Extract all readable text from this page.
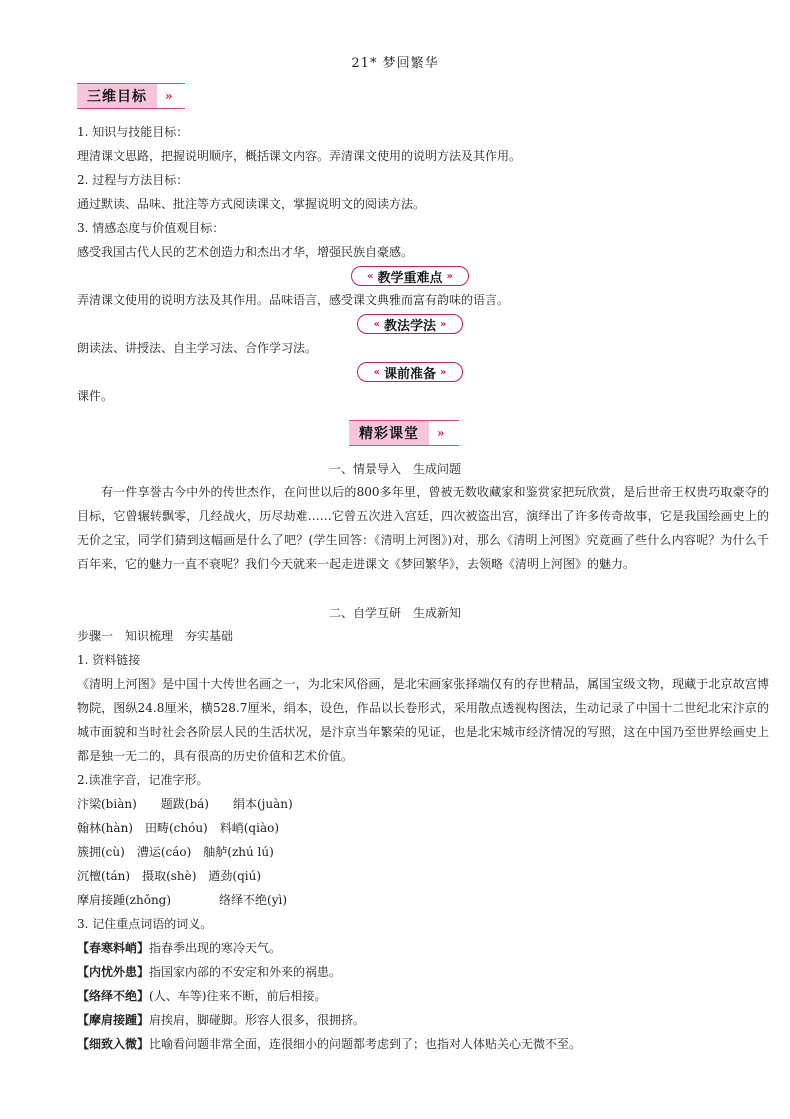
21* 梦回繁华
三维目标	»
1. 知识与技能目标：
理清课文思路，把握说明顺序，概括课文内容。弄清课文使用的说明方法及其作用。
2. 过程与方法目标：
通过默读、品味、批注等方式阅读课文，掌握说明文的阅读方法。
3. 情感态度与价值观目标：
感受我国古代人民的艺术创造力和杰出才华，增强民族自豪感。
« 教学重难点 »
弄清课文使用的说明方法及其作用。品味语言，感受课文典雅而富有韵味的语言。
« 教法学法 »
朗读法、讲授法、自主学习法、合作学习法。
« 课前准备 »
课件。
精彩课堂	»
一、情景导入　生成问题
有一件享誉古今中外的传世杰作，在问世以后的800多年里，曾被无数收藏家和鉴赏家把玩欣赏，是后世帝王权贵巧取豪夺的目标，它曾辗转飘零，几经战火，历尽劫难……它曾五次进入宫廷，四次被盗出宫，演绎出了许多传奇故事，它是我国绘画史上的无价之宝，同学们猜到这幅画是什么了吧？(学生回答：《清明上河图》)对，那么《清明上河图》究竟画了些什么内容呢？为什么千百年来，它的魅力一直不衰呢？我们今天就来一起走进课文《梦回繁华》，去领略《清明上河图》的魅力。
二、自学互研　生成新知
步骤一　知识梳理　夯实基础
1. 资料链接
《清明上河图》是中国十大传世名画之一，为北宋风俗画，是北宋画家张择端仅有的存世精品，属国宝级文物，现藏于北京故宫博物院，图纵24.8厘米，横528.7厘米，绢本，设色，作品以长卷形式，采用散点透视构图法，生动记录了中国十二世纪北宋汴京的城市面貌和当时社会各阶层人民的生活状况，是汴京当年繁荣的见证，也是北宋城市经济情况的写照，这在中国乃至世界绘画史上都是独一无二的，具有很高的历史价值和艺术价值。
2.读准字音，记准字形。
汴梁(biàn)　　题跋(bá)　　绢本(juàn)
翰林(hàn)　田畴(chóu)　料峭(qiào)
簇拥(cù)　漕运(cáo)　舳舻(zhú lú)
沉檀(tán)　摄取(shè)　遒劲(qiú)
摩肩接踵(zhǒng)　　　　络绎不绝(yì)
3. 记住重点词语的词义。
【春寒料峭】指春季出现的寒冷天气。
【内忧外患】指国家内部的不安定和外来的祸患。
【络绎不绝】(人、车等)往来不断，前后相接。
【摩肩接踵】肩挨肩，脚碰脚。形容人很多，很拥挤。
【细致入微】比喻看问题非常全面，连很细小的问题都考虑到了；也指对人体贴关心无微不至。
